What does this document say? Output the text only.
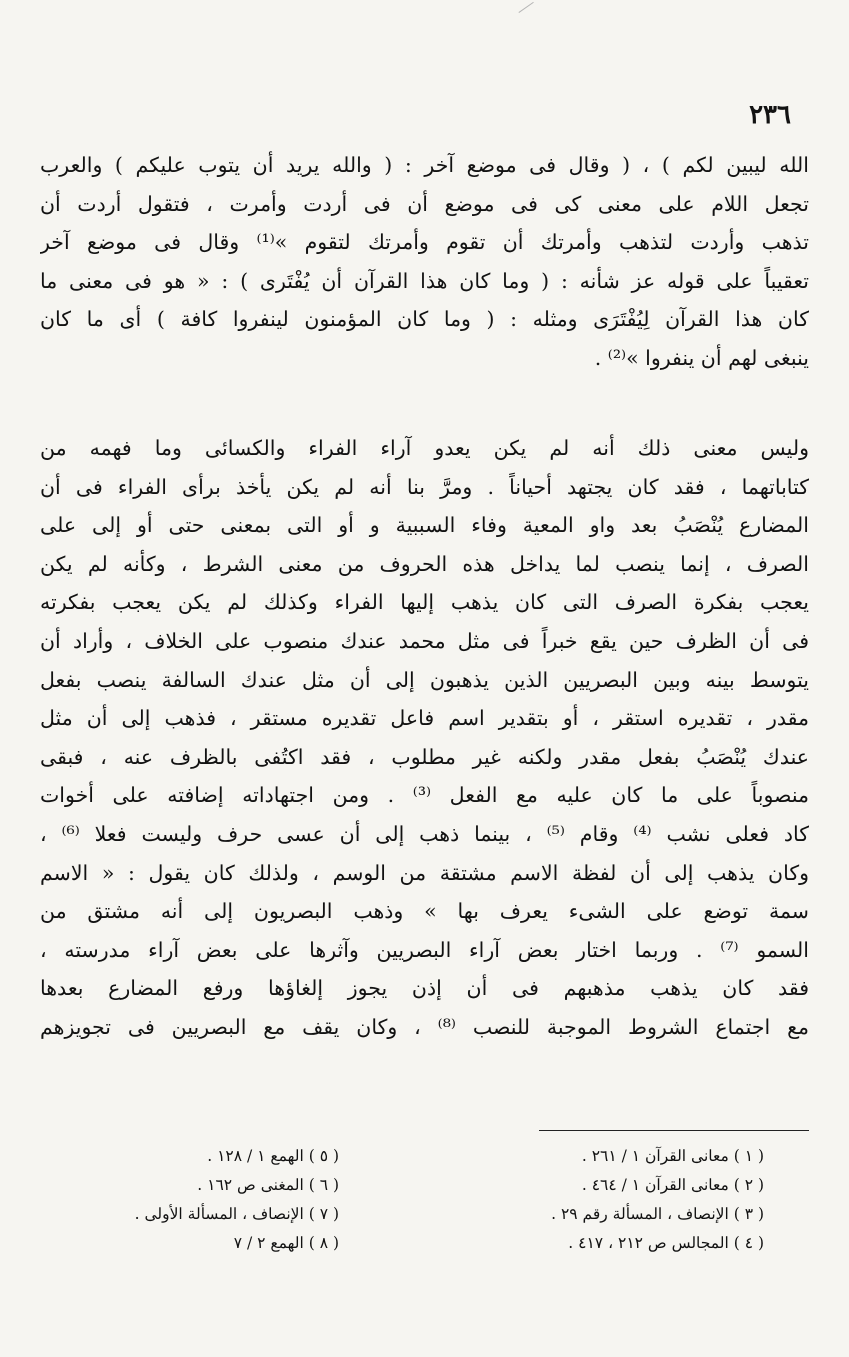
٢٣٦
الله ليبين لكم ) ، ( وقال فى موضع آخر : ( والله يريد أن يتوب عليكم ) والعرب
تجعل اللام على معنى كى فى موضع أن فى أردت وأمرت ، فتقول أردت أن
تذهب وأردت لتذهب وأمرتك أن تقوم وأمرتك لتقوم »⁽¹⁾ وقال فى موضع آخر
تعقيباً على قوله عز شأنه : ( وما كان هذا القرآن أن يُفْتَرى ) : « هو فى معنى ما
كان هذا القرآن لِيُفْتَرَى ومثله : ( وما كان المؤمنون لينفروا كافة ) أى ما كان
ينبغى لهم أن ينفروا »⁽²⁾ .
وليس معنى ذلك أنه لم يكن يعدو آراء الفراء والكسائى وما فهمه من
كتاباتهما ، فقد كان يجتهد أحياناً . ومرَّ بنا أنه لم يكن يأخذ برأى الفراء فى أن
المضارع يُنْصَبُ بعد واو المعية وفاء السببية و أو التى بمعنى حتى أو إلى على
الصرف ، إنما ينصب لما يداخل هذه الحروف من معنى الشرط ، وكأنه لم يكن
يعجب بفكرة الصرف التى كان يذهب إليها الفراء وكذلك لم يكن يعجب بفكرته
فى أن الظرف حين يقع خبراً فى مثل محمد عندك منصوب على الخلاف ، وأراد أن
يتوسط بينه وبين البصريين الذين يذهبون إلى أن مثل عندك السالفة ينصب بفعل
مقدر ، تقديره استقر ، أو بتقدير اسم فاعل تقديره مستقر ، فذهب إلى أن مثل
عندك يُنْصَبُ بفعل مقدر ولكنه غير مطلوب ، فقد اكتُفى بالظرف عنه ، فبقى
منصوباً على ما كان عليه مع الفعل ⁽³⁾ . ومن اجتهاداته إضافته على أخوات
كاد فعلى نشب ⁽⁴⁾ وقام ⁽⁵⁾ ، بينما ذهب إلى أن عسى حرف وليست فعلا ⁽⁶⁾ ،
وكان يذهب إلى أن لفظة الاسم مشتقة من الوسم ، ولذلك كان يقول : « الاسم
سمة توضع على الشىء يعرف بها » وذهب البصريون إلى أنه مشتق من
السمو ⁽⁷⁾ . وربما اختار بعض آراء البصريين وآثرها على بعض آراء مدرسته ،
فقد كان يذهب مذهبهم فى أن إذن يجوز إلغاؤها ورفع المضارع بعدها
مع اجتماع الشروط الموجبة للنصب ⁽⁸⁾ ، وكان يقف مع البصريين فى تجويزهم
( ١ ) معانى القرآن ١ / ٢٦١ .
( ٢ ) معانى القرآن ١ / ٤٦٤ .
( ٣ ) الإنصاف ، المسألة رقم ٢٩ .
( ٤ ) المجالس ص ٢١٢ ، ٤١٧ .
( ٥ ) الهمع ١ / ١٢٨ .
( ٦ ) المغنى ص ١٦٢ .
( ٧ ) الإنصاف ، المسألة الأولى .
( ٨ ) الهمع ٢ / ٧
